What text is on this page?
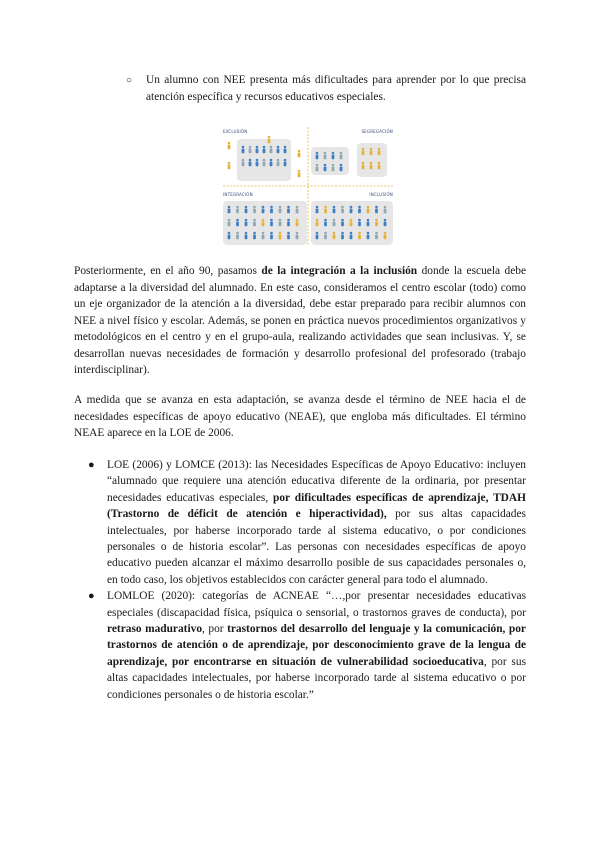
○ Un alumno con NEE presenta más dificultades para aprender por lo que precisa atención específica y recursos educativos especiales.
EXCLUSIÓN	SEGREGACIÓN
INTEGRACIÓN	INCLUSIÓN
Posteriormente, en el año 90, pasamos de la integración a la inclusión donde la escuela debe adaptarse a la diversidad del alumnado. En este caso, consideramos el centro escolar (todo) como un eje organizador de la atención a la diversidad, debe estar preparado para recibir alumnos con NEE a nivel físico y escolar. Además, se ponen en práctica nuevos procedimientos organizativos y metodológicos en el centro y en el grupo-aula, realizando actividades que sean inclusivas. Y, se desarrollan nuevas necesidades de formación y desarrollo profesional del profesorado (trabajo interdisciplinar).
A medida que se avanza en esta adaptación, se avanza desde el término de NEE hacia el de necesidades específicas de apoyo educativo (NEAE), que engloba más dificultades. El término NEAE aparece en la LOE de 2006.
● LOE (2006) y LOMCE (2013): las Necesidades Específicas de Apoyo Educativo: incluyen “alumnado que requiere una atención educativa diferente de la ordinaria, por presentar necesidades educativas especiales, por dificultades específicas de aprendizaje, TDAH (Trastorno de déficit de atención e hiperactividad), por sus altas capacidades intelectuales, por haberse incorporado tarde al sistema educativo, o por condiciones personales o de historia escolar”. Las personas con necesidades específicas de apoyo educativo pueden alcanzar el máximo desarrollo posible de sus capacidades personales o, en todo caso, los objetivos establecidos con carácter general para todo el alumnado.
● LOMLOE (2020): categorías de ACNEAE “…,por presentar necesidades educativas especiales (discapacidad física, psíquica o sensorial, o trastornos graves de conducta), por retraso madurativo, por trastornos del desarrollo del lenguaje y la comunicación, por trastornos de atención o de aprendizaje, por desconocimiento grave de la lengua de aprendizaje, por encontrarse en situación de vulnerabilidad socioeducativa, por sus altas capacidades intelectuales, por haberse incorporado tarde al sistema educativo o por condiciones personales o de historia escolar.”
